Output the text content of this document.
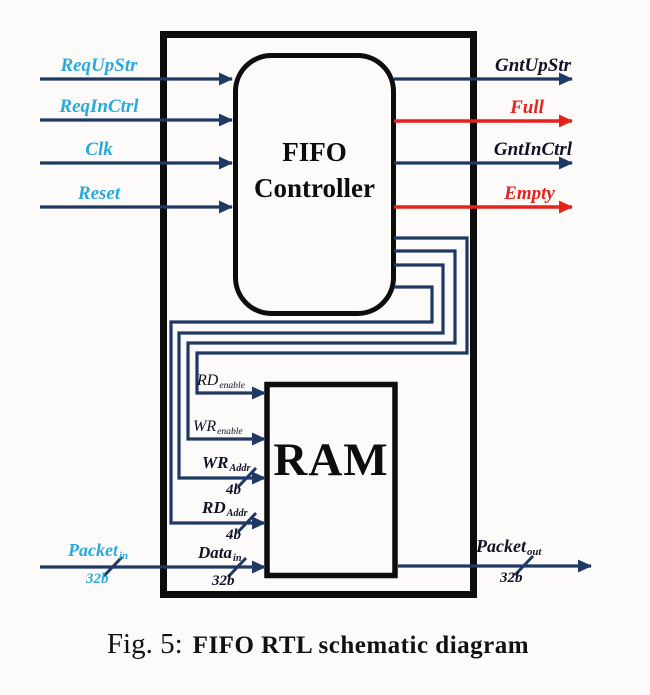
FIFO Controller
RAM
ReqUpStr
ReqInCtrl
Clk
Reset
GntUpStr
Full
GntInCtrl
Empty
$RD_{enable}$
$WR_{enable}$
$WR_{Addr}$
4b
$RD_{Addr}$
4b
Data$_{in}$
32b
Packet$_{in}$
32b
Packet$_{out}$
32b
Fig. 5: FIFO RTL schematic diagram
